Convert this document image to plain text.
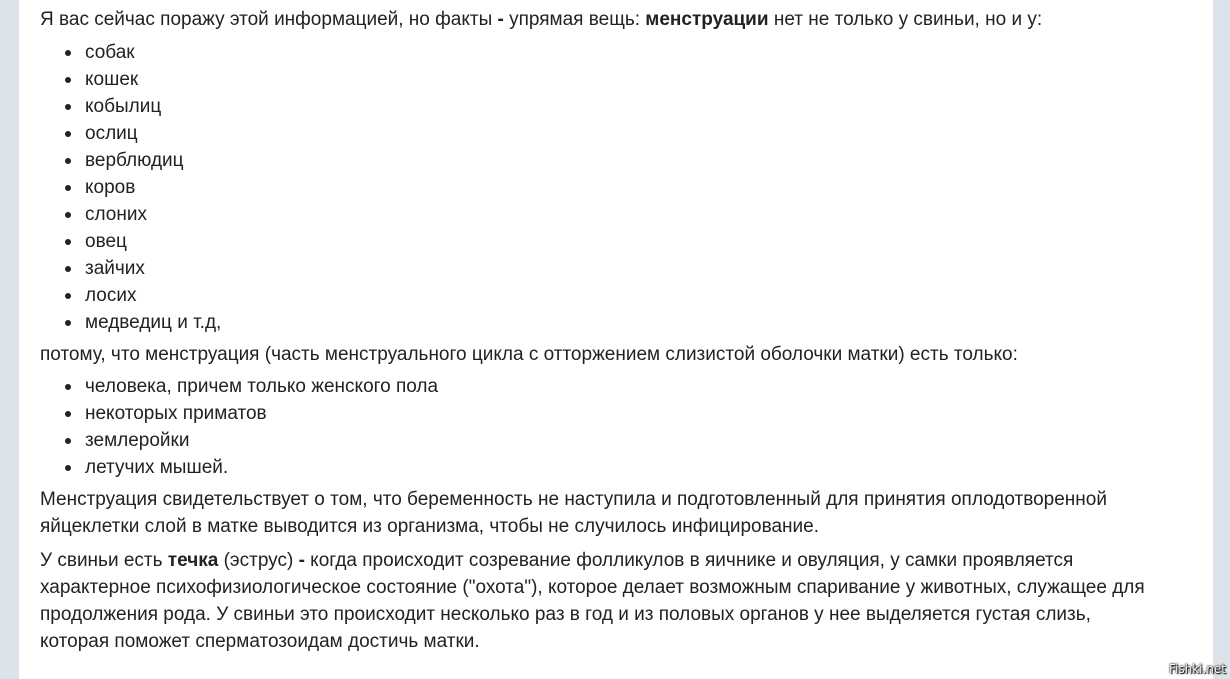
Я вас сейчас поражу этой информацией, но факты - упрямая вещь: менструации нет не только у свиньи, но и у:

собак
кошек
кобылиц
ослиц
верблюдиц
коров
слоних
овец
зайчих
лосих
медведиц и т.д,

потому, что менструация (часть менструального цикла с отторжением слизистой оболочки матки) есть только:

человека, причем только женского пола
некоторых приматов
землеройки
летучих мышей.

Менструация свидетельствует о том, что беременность не наступила и подготовленный для принятия оплодотворенной
яйцеклетки слой в матке выводится из организма, чтобы не случилось инфицирование.

У свиньи есть течка (эструс) - когда происходит созревание фолликулов в яичнике и овуляция, у самки проявляется
характерное психофизиологическое состояние ("охота"), которое делает возможным спаривание у животных, служащее для
продолжения рода. У свиньи это происходит несколько раз в год и из половых органов у нее выделяется густая слизь,
которая поможет сперматозоидам достичь матки.

Fishki.net
